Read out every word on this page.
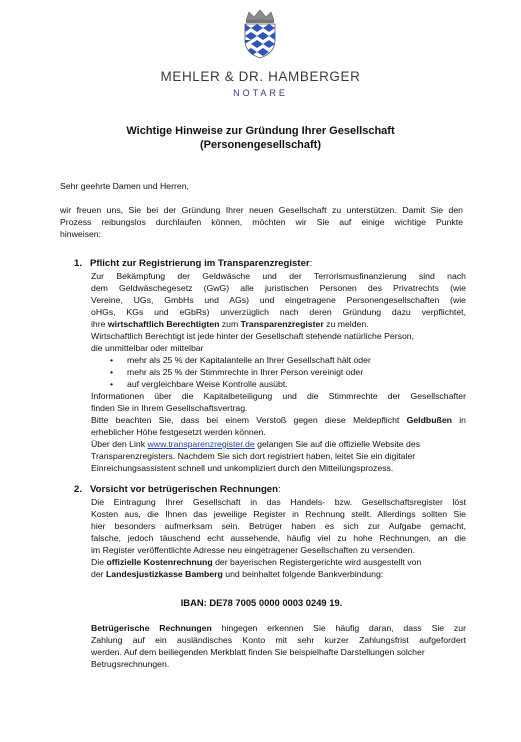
MEHLER & DR. HAMBERGER
NOTARE
Wichtige Hinweise zur Gründung Ihrer Gesellschaft
(Personengesellschaft)
Sehr geehrte Damen und Herren,
wir freuen uns, Sie bei der Gründung Ihrer neuen Gesellschaft zu unterstützen. Damit Sie den
Prozess reibungslos durchlaufen können, möchten wir Sie auf einige wichtige Punkte
hinweisen:
1. Pflicht zur Registrierung im Transparenzregister:
Zur Bekämpfung der Geldwäsche und der Terrorismusfinanzierung sind nach
dem Geldwäschegesetz (GwG) alle juristischen Personen des Privatrechts (wie
Vereine, UGs, GmbHs und AGs) und eingetragene Personengesellschaften (wie
oHGs, KGs und eGbRs) unverzüglich nach deren Gründung dazu verpflichtet,
ihre wirtschaftlich Berechtigten zum Transparenzregister zu melden.
Wirtschaftlich Berechtigt ist jede hinter der Gesellschaft stehende natürliche Person,
die unmittelbar oder mittelbar
• mehr als 25 % der Kapitalanteile an Ihrer Gesellschaft hält oder
• mehr als 25 % der Stimmrechte in Ihrer Person vereinigt oder
• auf vergleichbare Weise Kontrolle ausübt.
Informationen über die Kapitalbeteiligung und die Stimmrechte der Gesellschafter
finden Sie in Ihrem Gesellschaftsvertrag.
Bitte beachten Sie, dass bei einem Verstoß gegen diese Meldepflicht Geldbußen in
erheblicher Höhe festgesetzt werden können.
Über den Link www.transparenzregister.de gelangen Sie auf die offizielle Website des
Transparenzregisters. Nachdem Sie sich dort registriert haben, leitet Sie ein digitaler
Einreichungsassistent schnell und unkompliziert durch den Mitteilungsprozess.
2. Vorsicht vor betrügerischen Rechnungen:
Die Eintragung Ihrer Gesellschaft in das Handels- bzw. Gesellschaftsregister löst
Kosten aus, die Ihnen das jeweilige Register in Rechnung stellt. Allerdings sollten Sie
hier besonders aufmerksam sein. Betrüger haben es sich zur Aufgabe gemacht,
falsche, jedoch täuschend echt aussehende, häufig viel zu hohe Rechnungen, an die
im Register veröffentlichte Adresse neu eingetragener Gesellschaften zu versenden.
Die offizielle Kostenrechnung der bayerischen Registergerichte wird ausgestellt von
der Landesjustizkasse Bamberg und beinhaltet folgende Bankverbindung:
IBAN: DE78 7005 0000 0003 0249 19.
Betrügerische Rechnungen hingegen erkennen Sie häufig daran, dass Sie zur
Zahlung auf ein ausländisches Konto mit sehr kurzer Zahlungsfrist aufgefordert
werden. Auf dem beiliegenden Merkblatt finden Sie beispielhafte Darstellungen solcher
Betrugsrechnungen.
